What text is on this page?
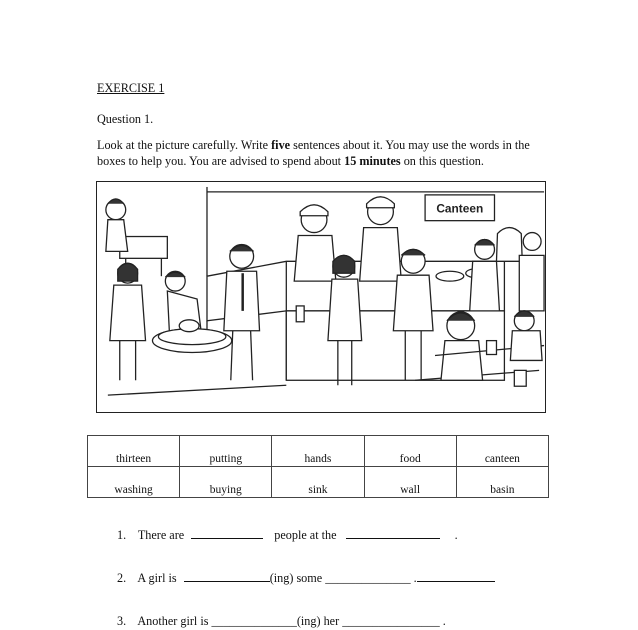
EXERCISE 1
Question 1.
Look at the picture carefully. Write five sentences about it. You may use the words in the boxes to help you. You are advised to spend about 15 minutes on this question.
Canteen
thirteen	putting	hands	food	canteen
washing	buying	sink	wall	basin
1. There are	people at the	.
2. A girl is	(ing) some ______________ .
3. Another girl is ______________(ing) her ________________ .
